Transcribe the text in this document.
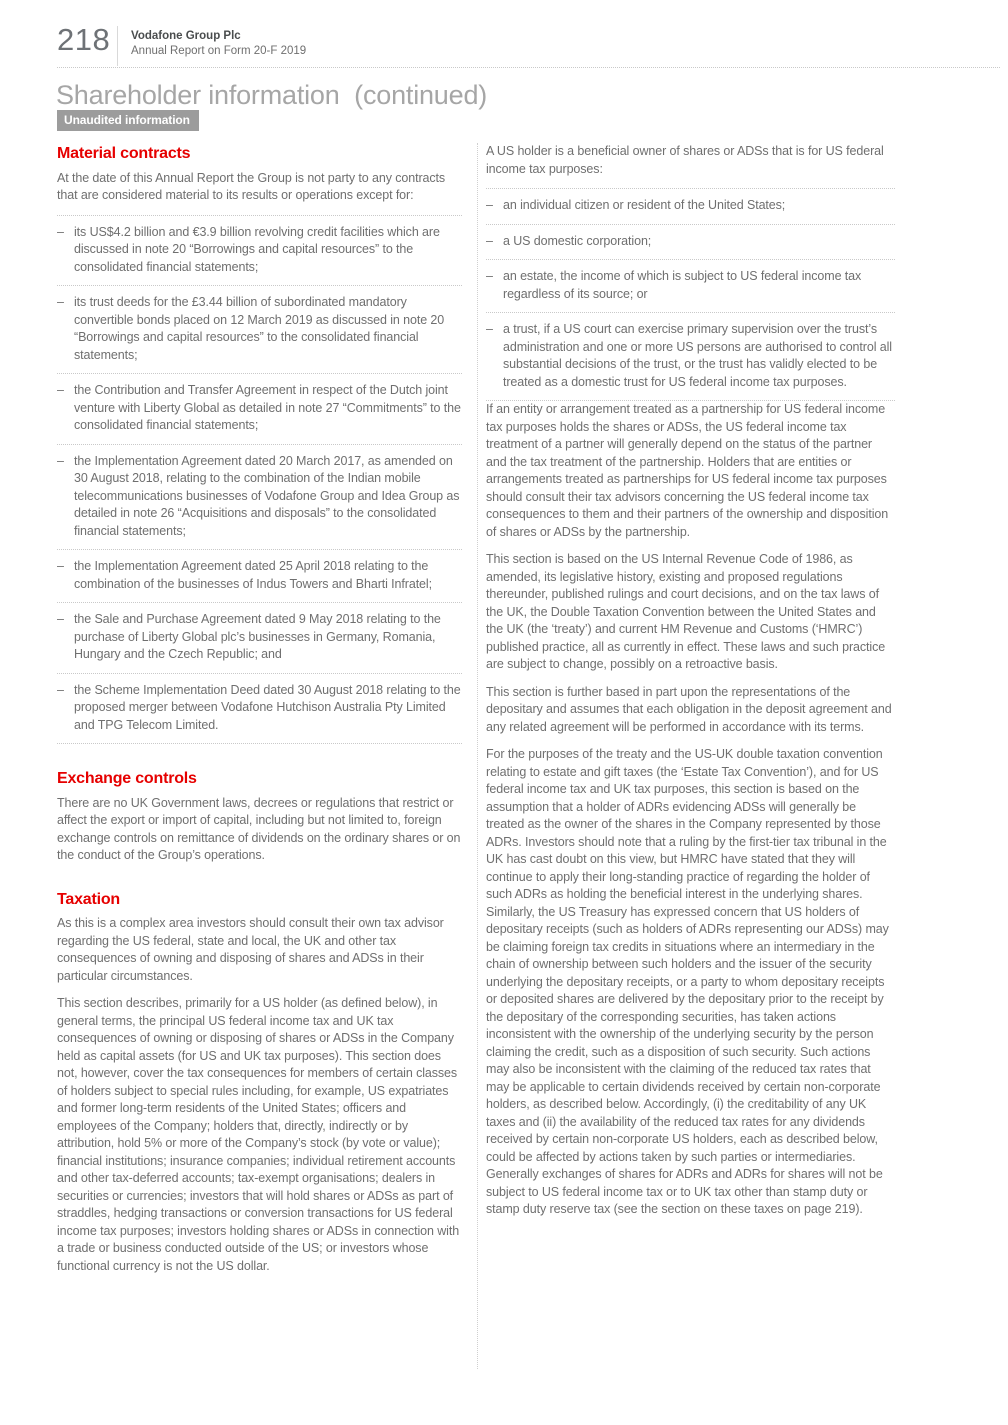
218 Vodafone Group Plc
Annual Report on Form 20-F 2019
Shareholder information  (continued)
Unaudited information
Material contracts

At the date of this Annual Report the Group is not party to any contracts that are considered material to its results or operations except for:

– its US$4.2 billion and €3.9 billion revolving credit facilities which are discussed in note 20 “Borrowings and capital resources” to the consolidated financial statements;
– its trust deeds for the £3.44 billion of subordinated mandatory convertible bonds placed on 12 March 2019 as discussed in note 20 “Borrowings and capital resources” to the consolidated financial statements;
– the Contribution and Transfer Agreement in respect of the Dutch joint venture with Liberty Global as detailed in note 27 “Commitments” to the consolidated financial statements;
– the Implementation Agreement dated 20 March 2017, as amended on 30 August 2018, relating to the combination of the Indian mobile telecommunications businesses of Vodafone Group and Idea Group as detailed in note 26 “Acquisitions and disposals” to the consolidated financial statements;
– the Implementation Agreement dated 25 April 2018 relating to the combination of the businesses of Indus Towers and Bharti Infratel;
– the Sale and Purchase Agreement dated 9 May 2018 relating to the purchase of Liberty Global plc’s businesses in Germany, Romania, Hungary and the Czech Republic; and
– the Scheme Implementation Deed dated 30 August 2018 relating to the proposed merger between Vodafone Hutchison Australia Pty Limited and TPG Telecom Limited.
Exchange controls

There are no UK Government laws, decrees or regulations that restrict or affect the export or import of capital, including but not limited to, foreign exchange controls on remittance of dividends on the ordinary shares or on the conduct of the Group’s operations.

Taxation

As this is a complex area investors should consult their own tax advisor regarding the US federal, state and local, the UK and other tax consequences of owning and disposing of shares and ADSs in their particular circumstances.

This section describes, primarily for a US holder (as defined below), in general terms, the principal US federal income tax and UK tax consequences of owning or disposing of shares or ADSs in the Company held as capital assets (for US and UK tax purposes). This section does not, however, cover the tax consequences for members of certain classes of holders subject to special rules including, for example, US expatriates and former long-term residents of the United States; officers and employees of the Company; holders that, directly, indirectly or by attribution, hold 5% or more of the Company’s stock (by vote or value); financial institutions; insurance companies; individual retirement accounts and other tax-deferred accounts; tax-exempt organisations; dealers in securities or currencies; investors that will hold shares or ADSs as part of straddles, hedging transactions or conversion transactions for US federal income tax purposes; investors holding shares or ADSs in connection with a trade or business conducted outside of the US; or investors whose functional currency is not the US dollar.

A US holder is a beneficial owner of shares or ADSs that is for US federal income tax purposes:

– an individual citizen or resident of the United States;
– a US domestic corporation;
– an estate, the income of which is subject to US federal income tax regardless of its source; or
– a trust, if a US court can exercise primary supervision over the trust’s administration and one or more US persons are authorised to control all substantial decisions of the trust, or the trust has validly elected to be treated as a domestic trust for US federal income tax purposes.

If an entity or arrangement treated as a partnership for US federal income tax purposes holds the shares or ADSs, the US federal income tax treatment of a partner will generally depend on the status of the partner and the tax treatment of the partnership. Holders that are entities or arrangements treated as partnerships for US federal income tax purposes should consult their tax advisors concerning the US federal income tax consequences to them and their partners of the ownership and disposition of shares or ADSs by the partnership.

This section is based on the US Internal Revenue Code of 1986, as amended, its legislative history, existing and proposed regulations thereunder, published rulings and court decisions, and on the tax laws of the UK, the Double Taxation Convention between the United States and the UK (the ‘treaty’) and current HM Revenue and Customs (‘HMRC’) published practice, all as currently in effect. These laws and such practice are subject to change, possibly on a retroactive basis.

This section is further based in part upon the representations of the depositary and assumes that each obligation in the deposit agreement and any related agreement will be performed in accordance with its terms.

For the purposes of the treaty and the US-UK double taxation convention relating to estate and gift taxes (the ‘Estate Tax Convention’), and for US federal income tax and UK tax purposes, this section is based on the assumption that a holder of ADRs evidencing ADSs will generally be treated as the owner of the shares in the Company represented by those ADRs. Investors should note that a ruling by the first-tier tax tribunal in the UK has cast doubt on this view, but HMRC have stated that they will continue to apply their long-standing practice of regarding the holder of such ADRs as holding the beneficial interest in the underlying shares. Similarly, the US Treasury has expressed concern that US holders of depositary receipts (such as holders of ADRs representing our ADSs) may be claiming foreign tax credits in situations where an intermediary in the chain of ownership between such holders and the issuer of the security underlying the depositary receipts, or a party to whom depositary receipts or deposited shares are delivered by the depositary prior to the receipt by the depositary of the corresponding securities, has taken actions inconsistent with the ownership of the underlying security by the person claiming the credit, such as a disposition of such security. Such actions may also be inconsistent with the claiming of the reduced tax rates that may be applicable to certain dividends received by certain non-corporate holders, as described below. Accordingly, (i) the creditability of any UK taxes and (ii) the availability of the reduced tax rates for any dividends received by certain non-corporate US holders, each as described below, could be affected by actions taken by such parties or intermediaries. Generally exchanges of shares for ADRs and ADRs for shares will not be subject to US federal income tax or to UK tax other than stamp duty or stamp duty reserve tax (see the section on these taxes on page 219).
